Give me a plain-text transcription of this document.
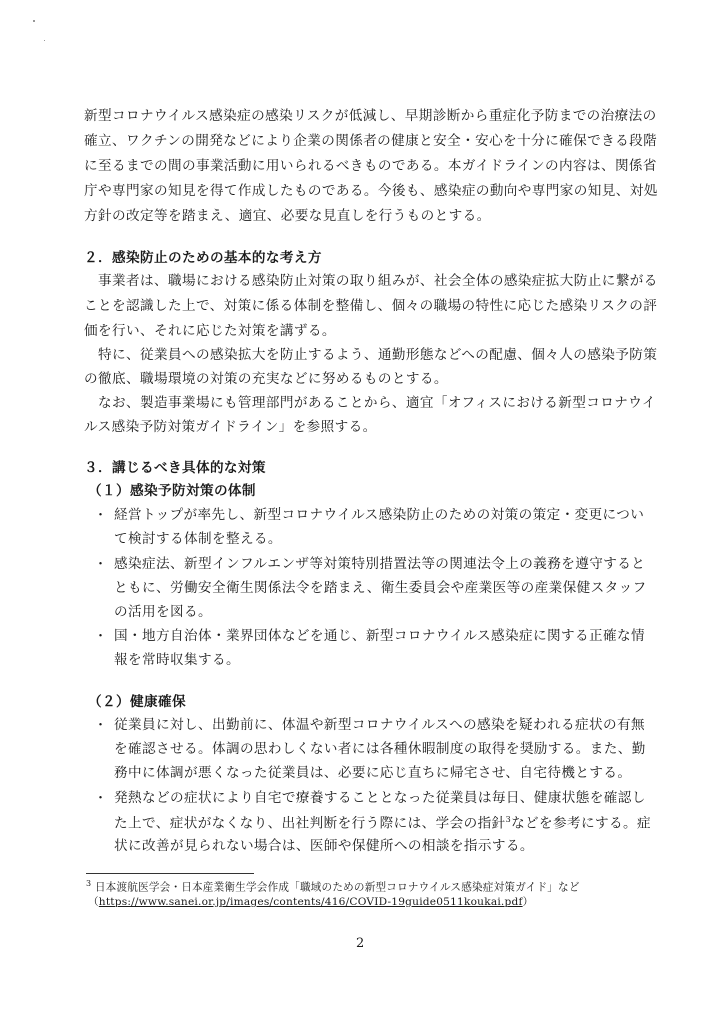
新型コロナウイルス感染症の感染リスクが低減し、早期診断から重症化予防までの治療法の
確立、ワクチンの開発などにより企業の関係者の健康と安全・安心を十分に確保できる段階
に至るまでの間の事業活動に用いられるべきものである。本ガイドラインの内容は、関係省
庁や専門家の知見を得て作成したものである。今後も、感染症の動向や専門家の知見、対処
方針の改定等を踏まえ、適宜、必要な見直しを行うものとする。
２．感染防止のための基本的な考え方
事業者は、職場における感染防止対策の取り組みが、社会全体の感染症拡大防止に繋がる
ことを認識した上で、対策に係る体制を整備し、個々の職場の特性に応じた感染リスクの評
価を行い、それに応じた対策を講ずる。
特に、従業員への感染拡大を防止するよう、通勤形態などへの配慮、個々人の感染予防策
の徹底、職場環境の対策の充実などに努めるものとする。
なお、製造事業場にも管理部門があることから、適宜「オフィスにおける新型コロナウイ
ルス感染予防対策ガイドライン」を参照する。
３．講じるべき具体的な対策
（１）感染予防対策の体制
・ 経営トップが率先し、新型コロナウイルス感染防止のための対策の策定・変更につい
て検討する体制を整える。
・ 感染症法、新型インフルエンザ等対策特別措置法等の関連法令上の義務を遵守すると
ともに、労働安全衛生関係法令を踏まえ、衛生委員会や産業医等の産業保健スタッフ
の活用を図る。
・ 国・地方自治体・業界団体などを通じ、新型コロナウイルス感染症に関する正確な情
報を常時収集する。
（２）健康確保
・ 従業員に対し、出勤前に、体温や新型コロナウイルスへの感染を疑われる症状の有無
を確認させる。体調の思わしくない者には各種休暇制度の取得を奨励する。また、勤
務中に体調が悪くなった従業員は、必要に応じ直ちに帰宅させ、自宅待機とする。
・ 発熱などの症状により自宅で療養することとなった従業員は毎日、健康状態を確認し
た上で、症状がなくなり、出社判断を行う際には、学会の指針$^3$などを参考にする。症
状に改善が見られない場合は、医師や保健所への相談を指示する。
$^3$ 日本渡航医学会・日本産業衛生学会作成「職域のための新型コロナウイルス感染症対策ガイド」など
（https://www.sanei.or.jp/images/contents/416/COVID-19guide0511koukai.pdf）
2
